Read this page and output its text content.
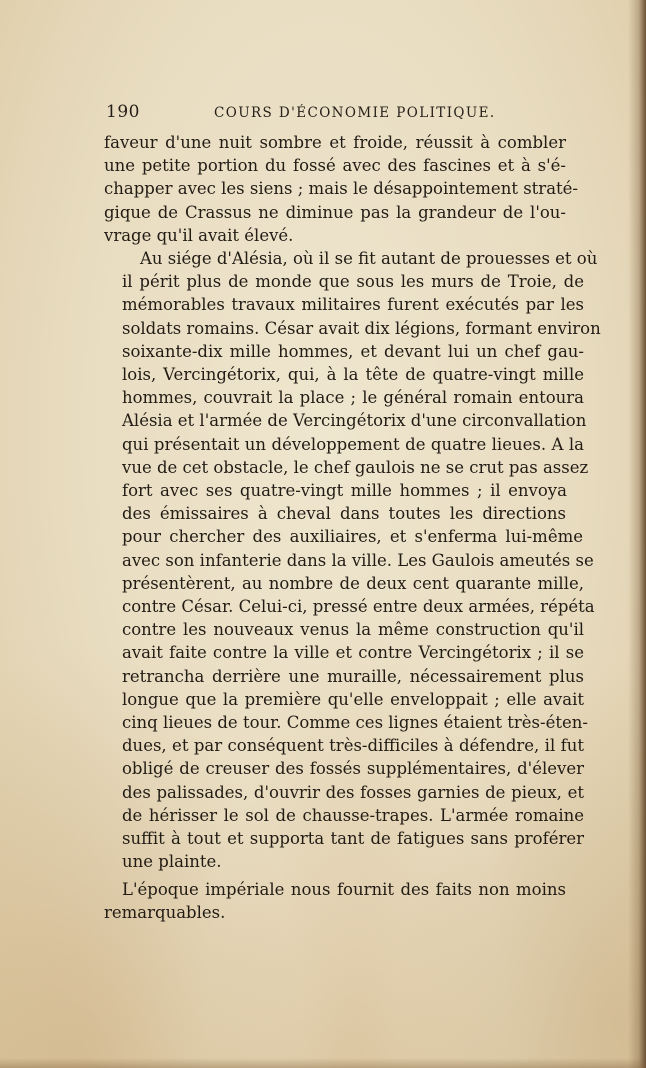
190	COURS D'ÉCONOMIE POLITIQUE.

faveur d'une nuit sombre et froide, réussit à combler
une petite portion du fossé avec des fascines et à s'é-
chapper avec les siens ; mais le désappointement straté-
gique de Crassus ne diminue pas la grandeur de l'ou-
vrage qu'il avait élevé.

Au siége d'Alésia, où il se fit autant de prouesses et où
il périt plus de monde que sous les murs de Troie, de
mémorables travaux militaires furent exécutés par les
soldats romains. César avait dix légions, formant environ
soixante-dix mille hommes, et devant lui un chef gau-
lois, Vercingétorix, qui, à la tête de quatre-vingt mille
hommes, couvrait la place ; le général romain entoura
Alésia et l'armée de Vercingétorix d'une circonvallation
qui présentait un développement de quatre lieues. A la
vue de cet obstacle, le chef gaulois ne se crut pas assez
fort avec ses quatre-vingt mille hommes ; il envoya
des émissaires à cheval dans toutes les directions
pour chercher des auxiliaires, et s'enferma lui-même
avec son infanterie dans la ville. Les Gaulois ameutés se
présentèrent, au nombre de deux cent quarante mille,
contre César. Celui-ci, pressé entre deux armées, répéta
contre les nouveaux venus la même construction qu'il
avait faite contre la ville et contre Vercingétorix ; il se
retrancha derrière une muraille, nécessairement plus
longue que la première qu'elle enveloppait ; elle avait
cinq lieues de tour. Comme ces lignes étaient très-éten-
dues, et par conséquent très-difficiles à défendre, il fut
obligé de creuser des fossés supplémentaires, d'élever
des palissades, d'ouvrir des fosses garnies de pieux, et
de hérisser le sol de chausse-trapes. L'armée romaine
suffit à tout et supporta tant de fatigues sans proférer
une plainte.

L'époque impériale nous fournit des faits non moins
remarquables.
